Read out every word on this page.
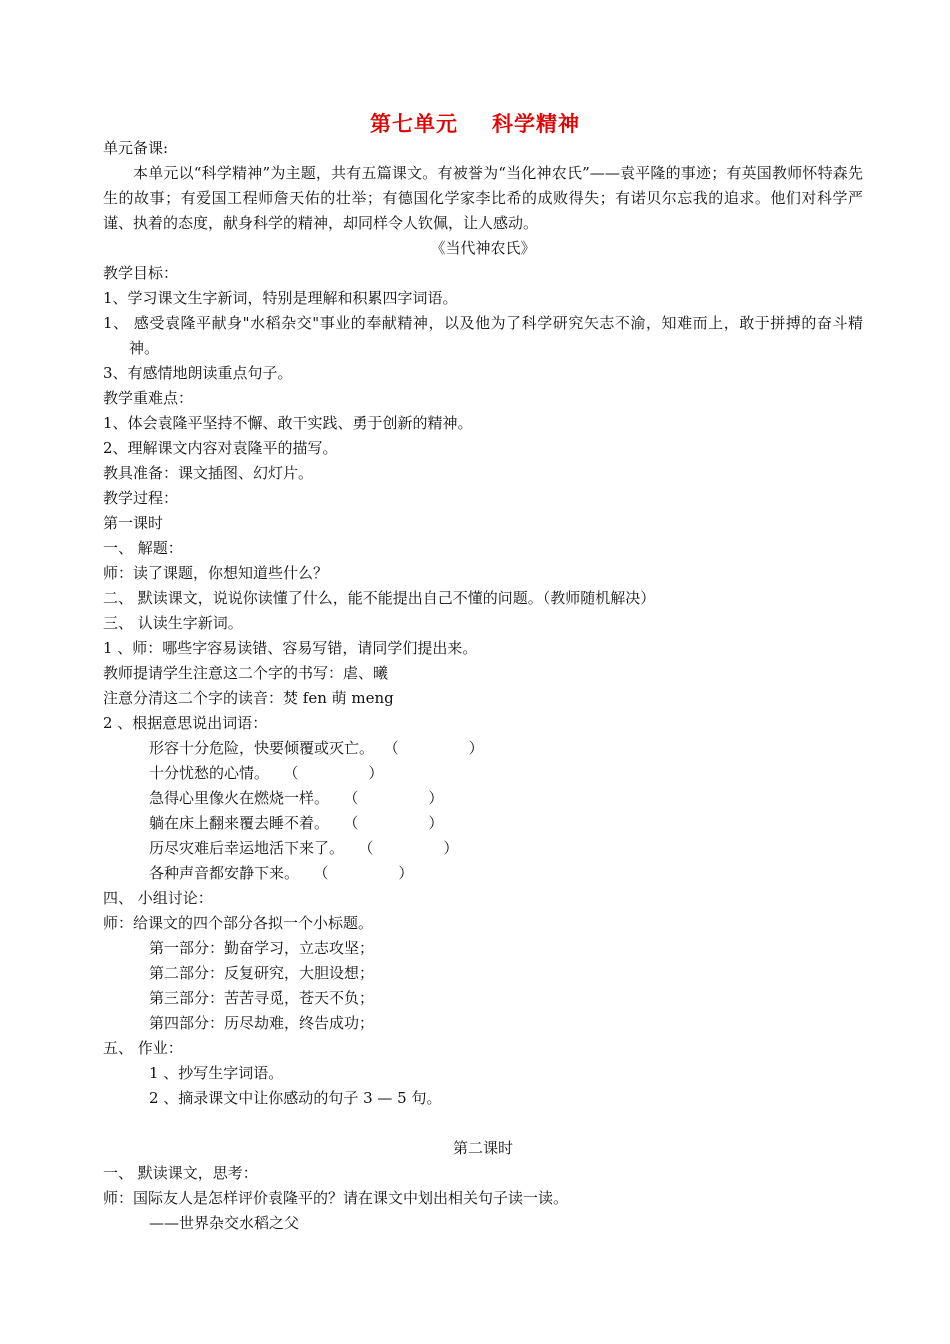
第七单元 科学精神
单元备课:
本单元以“科学精神”为主题，共有五篇课文。有被誉为“当化神农氏”——袁平隆的事迹；有英国教师怀特森先生的故事；有爱国工程师詹天佑的壮举；有德国化学家李比希的成败得失；有诺贝尔忘我的追求。他们对科学严谨、执着的态度，献身科学的精神，却同样令人钦佩，让人感动。
《当代神农氏》
教学目标：
1、学习课文生字新词，特别是理解和积累四字词语。
1、 感受袁隆平献身"水稻杂交"事业的奉献精神，以及他为了科学研究矢志不渝，知难而上，敢于拼搏的奋斗精神。
3、有感情地朗读重点句子。
教学重难点：
1、体会袁隆平坚持不懈、敢干实践、勇于创新的精神。
2、理解课文内容对袁隆平的描写。
教具准备：课文插图、幻灯片。
教学过程：
第一课时
一、 解题：
师：读了课题，你想知道些什么？
二、 默读课文，说说你读懂了什么，能不能提出自己不懂的问题。（教师随机解决）
三、 认读生字新词。
1 、师：哪些字容易读错、容易写错，请同学们提出来。
教师提请学生注意这二个字的书写：虐、曦
注意分清这二个字的读音：焚 fen 萌 meng
2 、根据意思说出词语：
形容十分危险，快要倾覆或灭亡。 （	）
十分忧愁的心情。 （	）
急得心里像火在燃烧一样。 （	）
躺在床上翻来覆去睡不着。 （	）
历尽灾难后幸运地活下来了。 （	）
各种声音都安静下来。 （	）
四、 小组讨论：
师：给课文的四个部分各拟一个小标题。
第一部分：勤奋学习，立志攻坚；
第二部分：反复研究，大胆设想；
第三部分：苦苦寻觅，苍天不负；
第四部分：历尽劫难，终告成功；
五、 作业：
1 、抄写生字词语。
2 、摘录课文中让你感动的句子 3 — 5 句。
第二课时
一、 默读课文，思考：
师：国际友人是怎样评价袁隆平的？请在课文中划出相关句子读一读。
——世界杂交水稻之父
